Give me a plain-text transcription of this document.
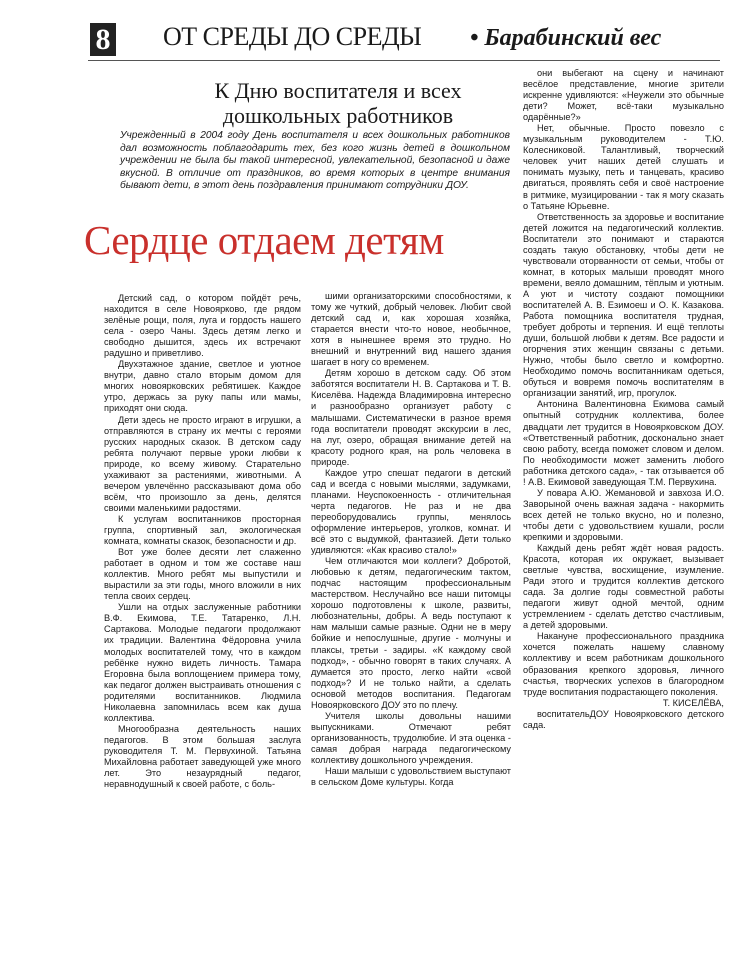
8 ОТ СРЕДЫ ДО СРЕДЫ • Барабинский вес
К Дню воспитателя и всех дошкольных работников
Учрежденный в 2004 году День воспитателя и всех дошкольных работников дал возможность поблагодарить тех, без кого жизнь детей в дошкольном учреждении не была бы такой интересной, увлекательной, безопасной и даже вкусной. В отличие от праздников, во время которых в центре внимания бывают дети, в этот день поздравления принимают сотрудники ДОУ.
Сердце отдаем детям

Детский сад, о котором пойдёт речь, находится в селе Новоярково, где рядом зелёные рощи, поля, луга и гордость нашего села - озеро Чаны. Здесь детям легко и свободно дышится, здесь их встречают радушно и приветливо.

Двухэтажное здание, светлое и уютное внутри, давно стало вторым домом для многих новоярковских ребятишек. Каждое утро, держась за руку папы или мамы, приходят они сюда.

Дети здесь не просто играют в игрушки, а отправляются в страну их мечты с героями русских народных сказок. В детском саду ребята получают первые уроки любви к природе, ко всему живому. Старательно ухаживают за растениями, животными. А вечером увлечённо рассказывают дома обо всём, что произошло за день, делятся своими маленькими радостями.

К услугам воспитанников просторная группа, спортивный зал, экологическая комната, комнаты сказок, безопасности и др.

Вот уже более десяти лет слаженно работает в одном и том же составе наш коллектив. Много ребят мы выпустили и вырастили за эти годы, много вложили в них тепла своих сердец.

Ушли на отдых заслуженные работники В.Ф. Екимова, Т.Е. Татаренко, Л.Н. Сартакова. Молодые педагоги продолжают их традиции. Валентина Фёдоровна учила молодых воспитателей тому, что в каждом ребёнке нужно видеть личность. Тамара Егоровна была воплощением примера тому, как педагог должен выстраивать отношения с родителями воспитанников. Людмила Николаевна запомнилась всем как душа коллектива.

Многообразна деятельность наших педагогов. В этом большая заслуга руководителя Т. М. Первухиной. Татьяна Михайловна работает заведующей уже много лет. Это незаурядный педагог, неравнодушный к своей работе, с боль-

шими организаторскими способностями, к тому же чуткий, добрый человек. Любит свой детский сад и, как хорошая хозяйка, старается внести что-то новое, необычное, хотя в нынешнее время это трудно. Но внешний и внутренний вид нашего здания шагает в ногу со временем.

Детям хорошо в детском саду. Об этом заботятся воспитатели Н. В. Сартакова и Т. В. Киселёва. Надежда Владимировна интересно и разнообразно организует работу с малышами. Систематически в разное время года воспитатели проводят экскурсии в лес, на луг, озеро, обращая внимание детей на красоту родного края, на роль человека в природе.

Каждое утро спешат педагоги в детский сад и всегда с новыми мыслями, задумками, планами. Неуспокоенность - отличительная черта педагогов. Не раз и не два переоборудовались группы, менялось оформление интерьеров, уголков, комнат. И всё это с выдумкой, фантазией. Дети только удивляются: «Как красиво стало!»

Чем отличаются мои коллеги? Добротой, любовью к детям, педагогическим тактом, подчас настоящим профессиональным мастерством. Неслучайно все наши питомцы хорошо подготовлены к школе, развиты, любознательны, добры. А ведь поступают к нам малыши самые разные. Одни не в меру бойкие и непослушные, другие - молчуны и плаксы, третьи - задиры. «К каждому свой подход», - обычно говорят в таких случаях. А думается это просто, легко найти «свой подход»? И не только найти, а сделать основой методов воспитания. Педагогам Новоярковского ДОУ это по плечу.

Учителя школы довольны нашими выпускниками. Отмечают ребят организованность, трудолюбие. И эта оценка - самая добрая награда педагогическому коллективу дошкольного учреждения.

Наши малыши с удовольствием выступают в сельском Доме культуры. Когда

они выбегают на сцену и начинают весёлое представление, многие зрители искренне удивляются: «Неужели это обычные дети? Может, всё-таки музыкально одарённые?»

Нет, обычные. Просто повезло с музыкальным руководителем - Т.Ю. Колесниковой. Талантливый, творческий человек учит наших детей слушать и понимать музыку, петь и танцевать, красиво двигаться, проявлять себя и своё настроение в ритмике, музицировании - так я могу сказать о Татьяне Юрьевне.

Ответственность за здоровье и воспитание детей ложится на педагогический коллектив. Воспитатели это понимают и стараются создать такую обстановку, чтобы дети не чувствовали оторванности от семьи, чтобы от комнат, в которых малыши проводят много времени, веяло домашним, тёплым и уютным. А уют и чистоту создают помощники воспитателей А. В. Езимоеш и О. К. Казакова. Работа помощника воспитателя трудная, требует доброты и терпения. И ещё теплоты души, большой любви к детям. Все радости и огорчения этих женщин связаны с детьми. Нужно, чтобы было светло и комфортно. Необходимо помочь воспитанникам одеться, обуться и вовремя помочь воспитателям в организации занятий, игр, прогулок.

Антонина Валентиновна Екимова самый опытный сотрудник коллектива, более двадцати лет трудится в Новоярковском ДОУ. «Ответственный работник, досконально знает свою работу, всегда поможет словом и делом. По необходимости может заменить любого работника детского сада», - так отзывается об ! А.В. Екимовой заведующая Т.М. Первухина.

У повара А.Ю. Жемановой и завхоза И.О. Заворыной очень важная задача - накормить всех детей не только вкусно, но и полезно, чтобы дети с удовольствием кушали, росли крепкими и здоровыми.

Каждый день ребят ждёт новая радость. Красота, которая их окружает, вызывает светлые чувства, восхищение, изумление. Ради этого и трудится коллектив детского сада. За долгие годы совместной работы педагоги живут одной мечтой, одним устремлением - сделать детство счастливым, а детей здоровыми.

Накануне профессионального праздника хочется пожелать нашему славному коллективу и всем работникам дошкольного образования крепкого здоровья, личного счастья, творческих успехов в благородном труде воспитания подрастающего поколения.

Т. КИСЕЛЁВА,

воспитательДОУ Новоярковского детского сада.
